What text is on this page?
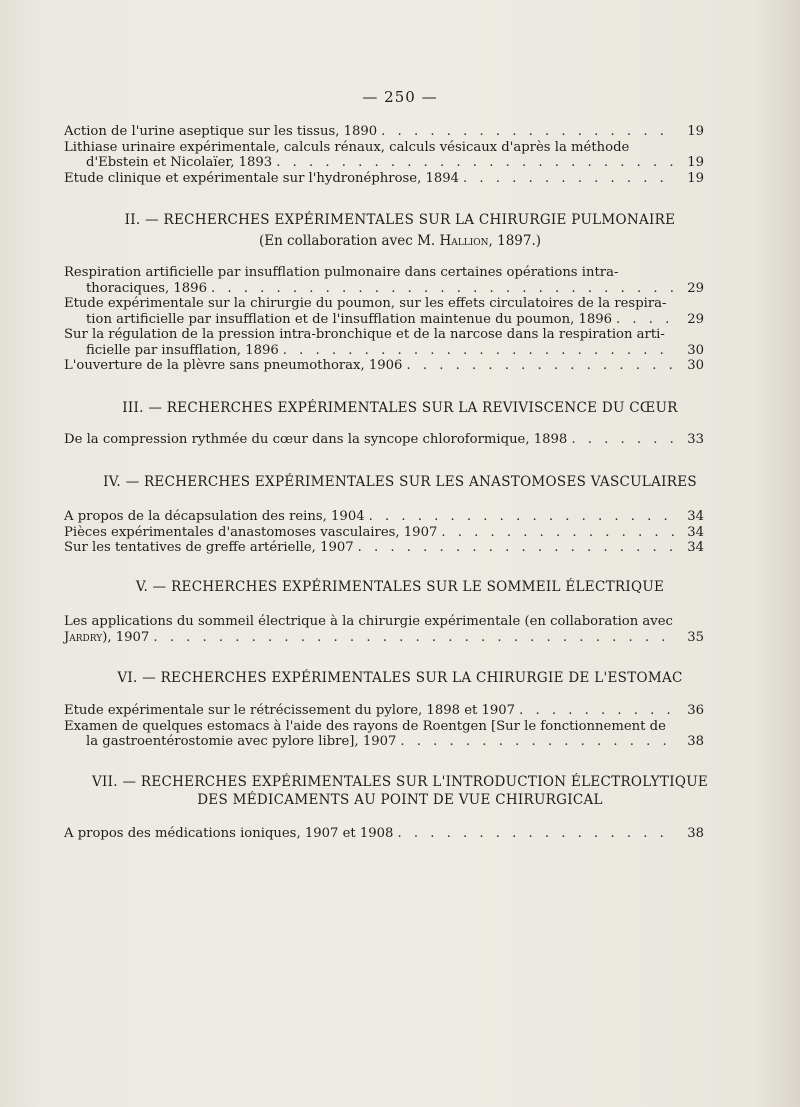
— 250 —
Action de l'urine aseptique sur les tissus, 1890 . . .	19
Lithiase urinaire expérimentale, calculs rénaux, calculs vésicaux d'après la méthode
d'Ebstein et Nicolaïer, 1893 . . .	19
Etude clinique et expérimentale sur l'hydronéphrose, 1894 . . .	19
II. — RECHERCHES EXPÉRIMENTALES SUR LA CHIRURGIE PULMONAIRE
(En collaboration avec M. Hallion, 1897.)
Respiration artificielle par insufflation pulmonaire dans certaines opérations intra-
thoraciques, 1896 . . .	29
Etude expérimentale sur la chirurgie du poumon, sur les effets circulatoires de la respira-
tion artificielle par insufflation et de l'insufflation maintenue du poumon, 1896 . . .	29
Sur la régulation de la pression intra-bronchique et de la narcose dans la respiration arti-
ficielle par insufflation, 1896 . . .	30
L'ouverture de la plèvre sans pneumothorax, 1906 . . .	30
III. — RECHERCHES EXPÉRIMENTALES SUR LA REVIVISCENCE DU CŒUR
De la compression rythmée du cœur dans la syncope chloroformique, 1898 . . .	33
IV. — RECHERCHES EXPÉRIMENTALES SUR LES ANASTOMOSES VASCULAIRES
A propos de la décapsulation des reins, 1904 . . .	34
Pièces expérimentales d'anastomoses vasculaires, 1907 . . .	34
Sur les tentatives de greffe artérielle, 1907 . . .	34
V. — RECHERCHES EXPÉRIMENTALES SUR LE SOMMEIL ÉLECTRIQUE
Les applications du sommeil électrique à la chirurgie expérimentale (en collaboration avec
Jardry), 1907 . . .	35
VI. — RECHERCHES EXPÉRIMENTALES SUR LA CHIRURGIE DE L'ESTOMAC
Etude expérimentale sur le rétrécissement du pylore, 1898 et 1907 . . .	36
Examen de quelques estomacs à l'aide des rayons de Roentgen [Sur le fonctionnement de
la gastroentérostomie avec pylore libre], 1907 . . .	38
VII. — RECHERCHES EXPÉRIMENTALES SUR L'INTRODUCTION ÉLECTROLYTIQUE
DES MÉDICAMENTS AU POINT DE VUE CHIRURGICAL
A propos des médications ioniques, 1907 et 1908 . . .	38
